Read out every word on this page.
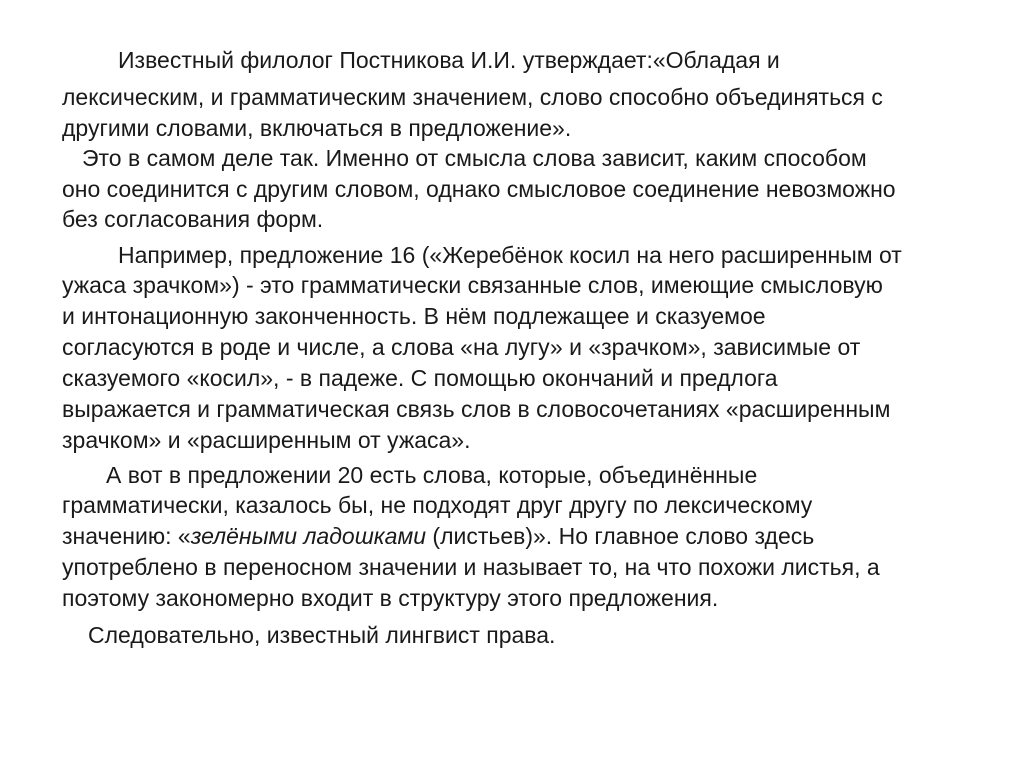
Известный филолог Постникова И.И. утверждает:«Обладая и
лексическим, и грамматическим значением, слово способно объединяться с
другими словами, включаться в предложение».
Это в самом деле так. Именно от смысла слова зависит, каким способом
оно соединится с другим словом, однако смысловое соединение невозможно
без согласования форм.
Например, предложение 16 («Жеребёнок косил на него расширенным от
ужаса зрачком») - это грамматически связанные слов, имеющие смысловую
и интонационную законченность. В нём подлежащее и сказуемое
согласуются в роде и числе, а слова «на лугу» и «зрачком», зависимые от
сказуемого «косил», - в падеже. С помощью окончаний и предлога
выражается и грамматическая связь слов в словосочетаниях «расширенным
зрачком» и «расширенным от ужаса».
А вот в предложении 20 есть слова, которые, объединённые
грамматически, казалось бы, не подходят друг другу по лексическому
значению: «зелёными ладошками (листьев)». Но главное слово здесь
употреблено в переносном значении и называет то, на что похожи листья, а
поэтому закономерно входит в структуру этого предложения.
Следовательно, известный лингвист права.
